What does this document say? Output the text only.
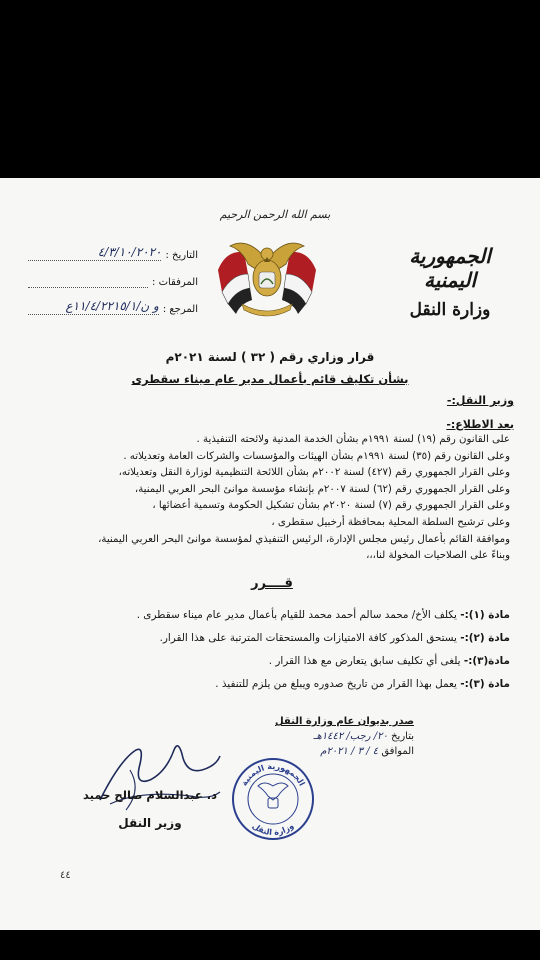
بسم الله الرحمن الرحيم
الجمهورية اليمنية
وزارة النقل
التاريخ :
٤/٣/١٠/٢٠٢٠
المرفقات :
المرجع :
و ن/١١/٤/٢٢١٥/١ع
قرار وزاري رقم ( ٣٢ ) لسنة ٢٠٢١م
بشأن تكليف قائم بأعمال مدير عام ميناء سقطرى
وزير النقل:-
بعد الاطلاع:-
على القانون رقم (١٩) لسنة ١٩٩١م بشأن الخدمة المدنية ولائحته التنفيذية .
وعلى القانون رقم (٣٥) لسنة ١٩٩١م بشأن الهيئات والمؤسسات والشركات العامة وتعديلاته .
وعلى القرار الجمهوري رقم (٤٢٧) لسنة ٢٠٠٢م بشأن اللائحة التنظيمية لوزارة النقل وتعديلاته،
وعلى القرار الجمهوري رقم (٦٢) لسنة ٢٠٠٧م بإنشاء مؤسسة موانئ البحر العربي اليمنية،
وعلى القرار الجمهوري رقم (٧) لسنة ٢٠٢٠م بشأن تشكيل الحكومة وتسمية أعضائها ،
وعلى ترشيح السلطة المحلية بمحافظة أرخبيل سقطرى ،
وموافقة القائم بأعمال رئيس مجلس الإدارة، الرئيس التنفيذي لمؤسسة موانئ البحر العربي اليمنية،
وبناءً على الصلاحيات المخولة لنا،،،
قــــرر
مادة (١):- يكلف الأخ/ محمد سالم أحمد محمد للقيام بأعمال مدير عام ميناء سقطرى .
مادة (٢):- يستحق المذكور كافة الامتيازات والمستحقات المترتبة على هذا القرار.
مادة(٣):- يلغى أي تكليف سابق يتعارض مع هذا القرار .
مادة (٣):- يعمل بهذا القرار من تاريخ صدوره ويبلغ من يلزم للتنفيذ .
صدر بديوان عام وزارة النقل
بتاريخ ٢٠/ رجب/ ١٤٤٢هـ
الموافق ٤ / ٣ / ٢٠٢١م
د. عبدالسلام صالح حميد
وزير النقل
الجمهورية اليمنية
وزارة النقل
٤٤
